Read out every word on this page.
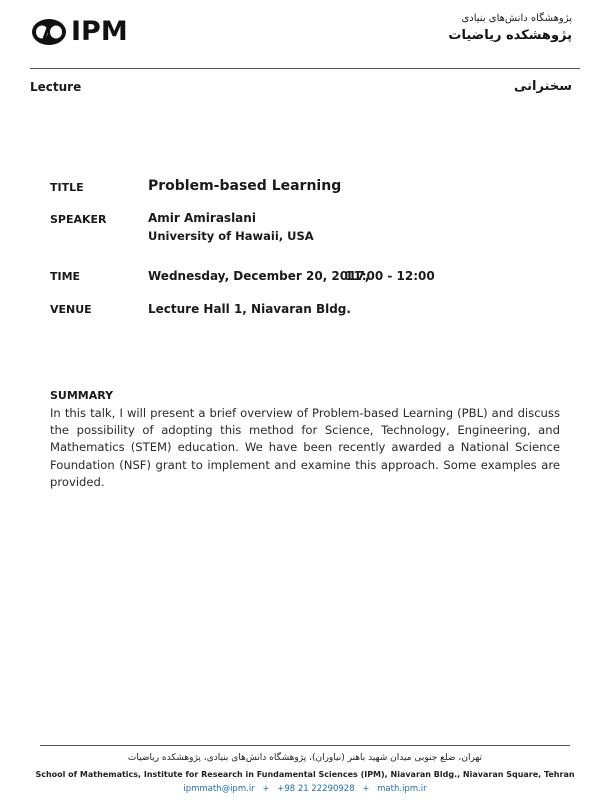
IPM	پژوهشگاه دانش‌های بنیادی
پژوهشکده ریاضیات
Lecture	سخنرانی
TITLE	Problem-based Learning
SPEAKER	Amir Amiraslani
University of Hawaii, USA
TIME	Wednesday, December 20, 2017,
11:00 - 12:00
VENUE	Lecture Hall 1, Niavaran Bldg.
SUMMARY
In this talk, I will present a brief overview of Problem-based Learning (PBL) and discuss the possibility of adopting this method for Science, Technology, Engineering, and Mathematics (STEM) education. We have been recently awarded a National Science Foundation (NSF) grant to implement and examine this approach. Some examples are provided.
تهران، ضلع جنوبی میدان شهید باهنر (نیاوران)، پژوهشگاه دانش‌های بنیادی، پژوهشکده ریاضیات
School of Mathematics, Institute for Research in Fundamental Sciences (IPM), Niavaran Bldg., Niavaran Square, Tehran
ipmmath@ipm.ir + +98 21 22290928 + math.ipm.ir
